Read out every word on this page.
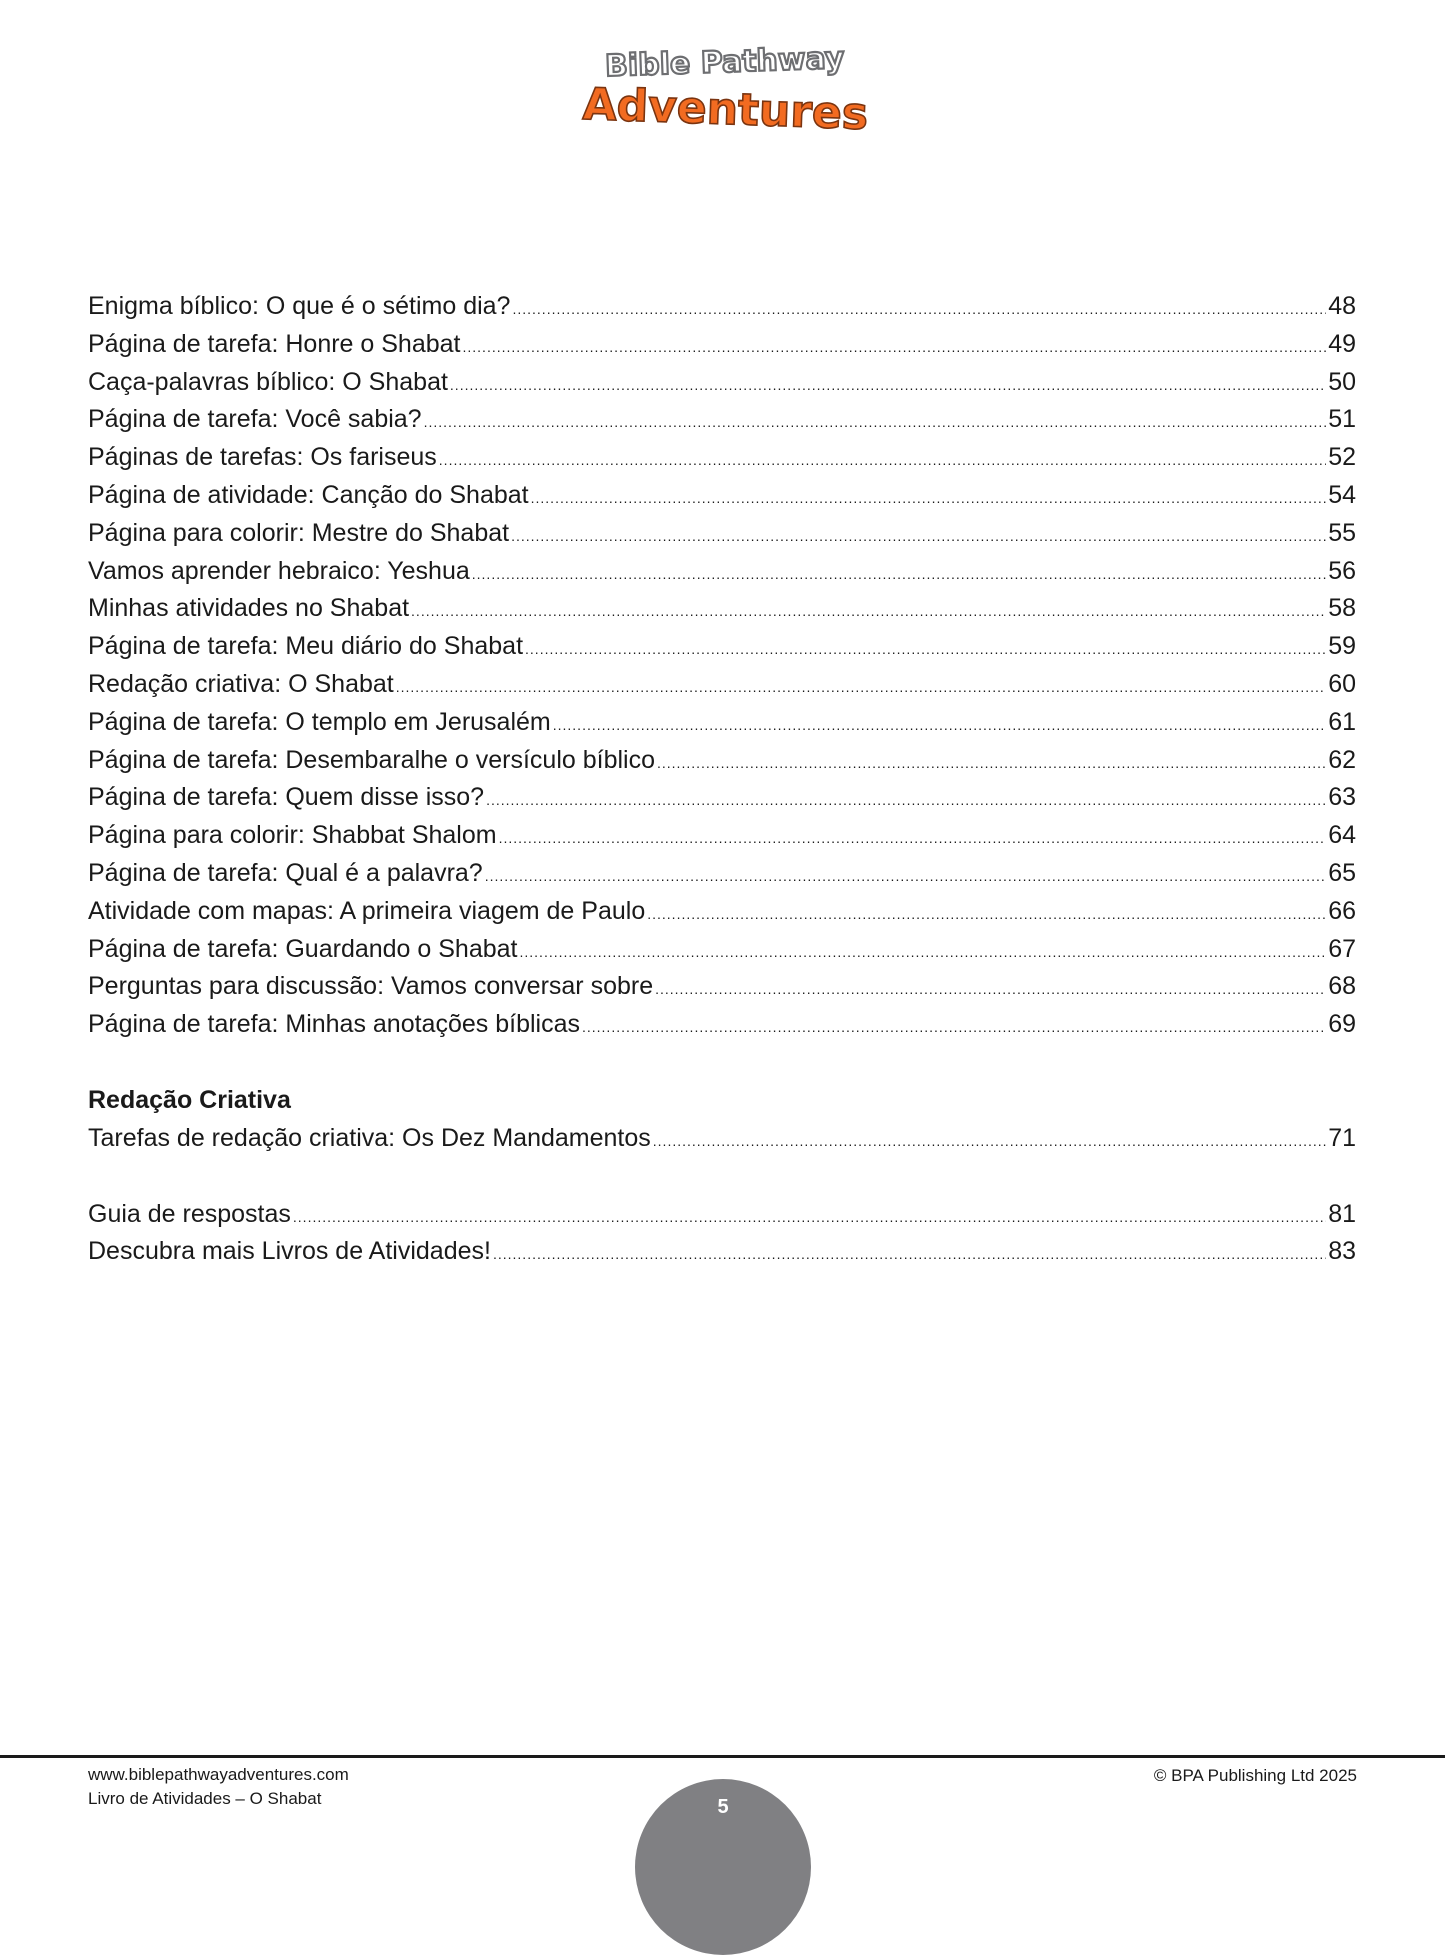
Bible Pathway
Adventures
Enigma bíblico: O que é o sétimo dia? .....	48
Página de tarefa: Honre o Shabat .....	49
Caça-palavras bíblico: O Shabat .....	50
Página de tarefa: Você sabia? .....	51
Páginas de tarefas: Os fariseus .....	52
Página de atividade: Canção do Shabat .....	54
Página para colorir: Mestre do Shabat .....	55
Vamos aprender hebraico: Yeshua .....	56
Minhas atividades no Shabat .....	58
Página de tarefa: Meu diário do Shabat .....	59
Redação criativa: O Shabat .....	60
Página de tarefa: O templo em Jerusalém .....	61
Página de tarefa: Desembaralhe o versículo bíblico .....	62
Página de tarefa: Quem disse isso? .....	63
Página para colorir: Shabbat Shalom .....	64
Página de tarefa: Qual é a palavra? .....	65
Atividade com mapas: A primeira viagem de Paulo .....	66
Página de tarefa: Guardando o Shabat .....	67
Perguntas para discussão: Vamos conversar sobre .....	68
Página de tarefa: Minhas anotações bíblicas .....	69
Redação Criativa
Tarefas de redação criativa: Os Dez Mandamentos .....	71
Guia de respostas .....	81
Descubra mais Livros de Atividades! .....	83
www.biblepathwayadventures.com
Livro de Atividades – O Shabat
© BPA Publishing Ltd 2025
5
